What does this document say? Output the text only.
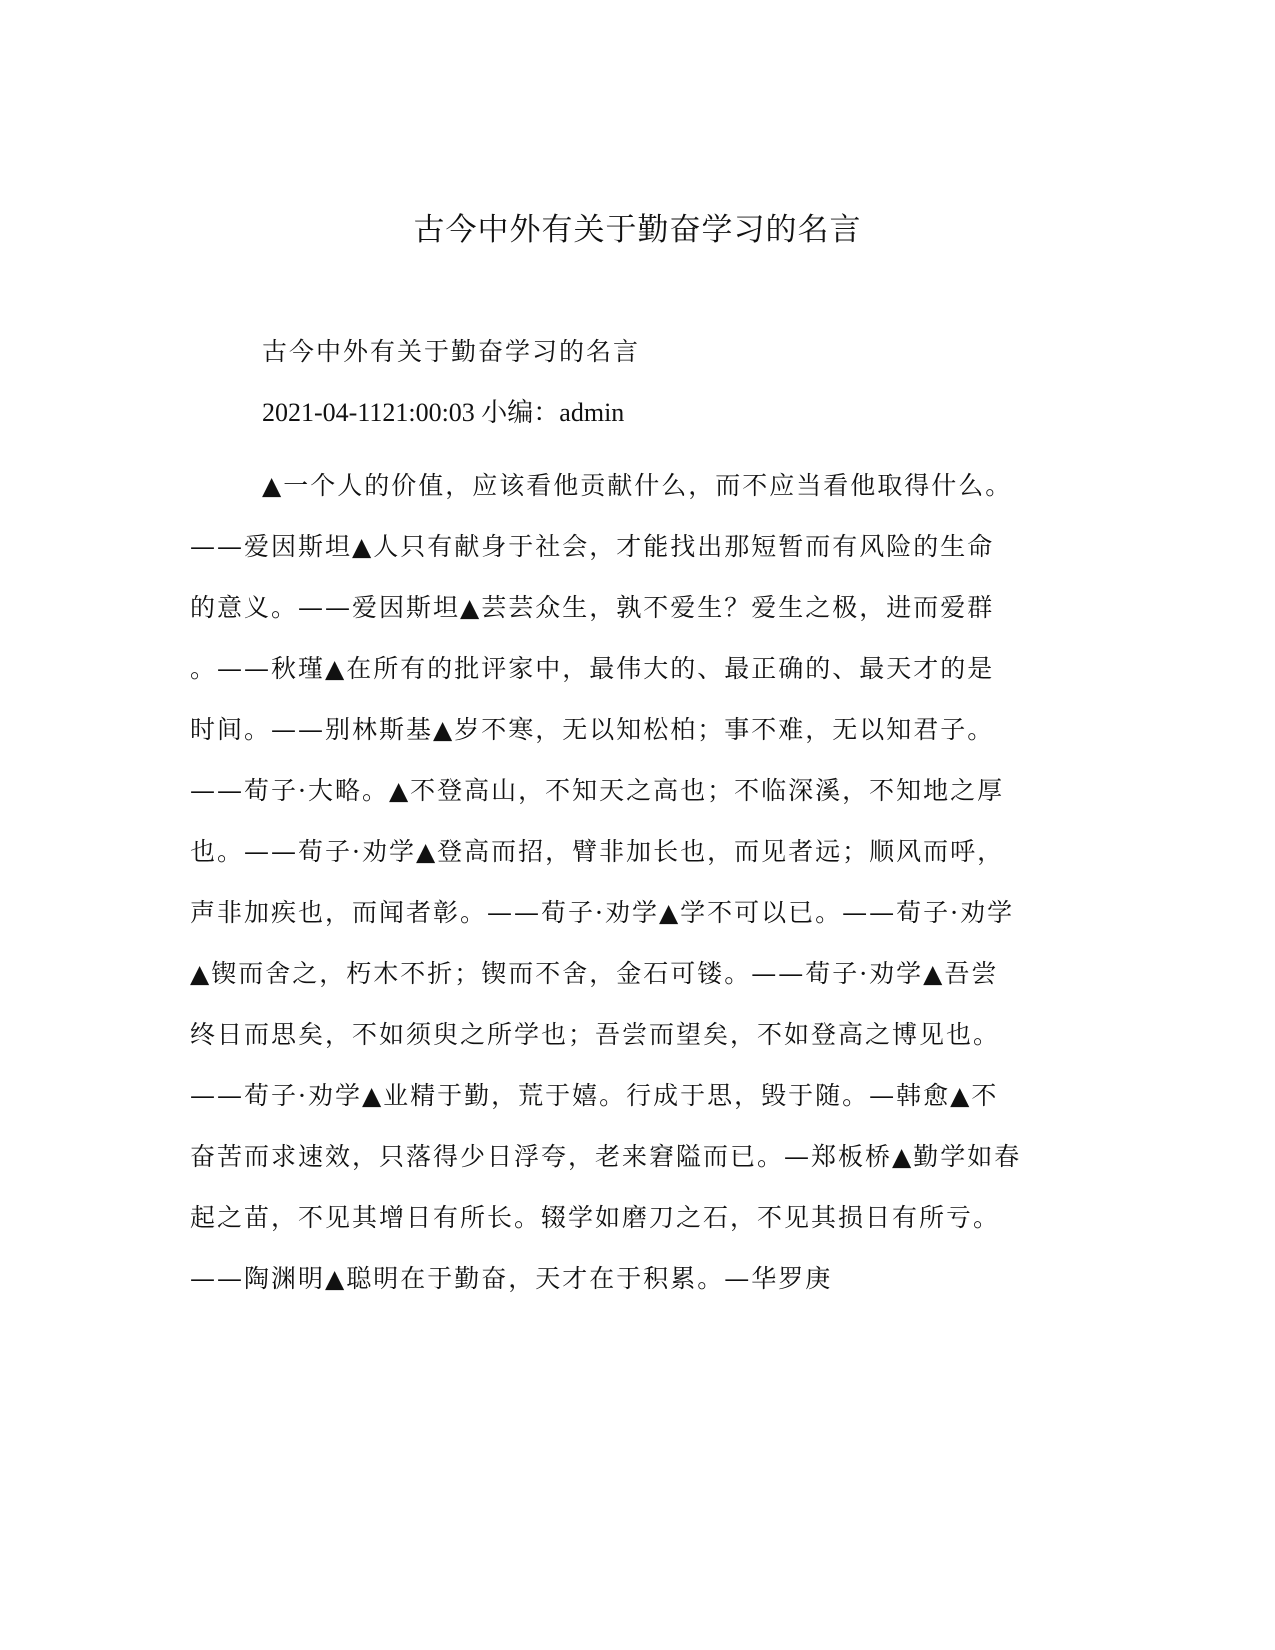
古今中外有关于勤奋学习的名言

古今中外有关于勤奋学习的名言

2021-04-1121:00:03 小编：admin

▲一个人的价值，应该看他贡献什么，而不应当看他取得什么。
——爱因斯坦▲人只有献身于社会，才能找出那短暂而有风险的生命
的意义。——爱因斯坦▲芸芸众生，孰不爱生？爱生之极，进而爱群
。——秋瑾▲在所有的批评家中，最伟大的、最正确的、最天才的是
时间。——别林斯基▲岁不寒，无以知松柏；事不难，无以知君子。
——荀子·大略。▲不登高山，不知天之高也；不临深溪，不知地之厚
也。——荀子·劝学▲登高而招，臂非加长也，而见者远；顺风而呼，
声非加疾也，而闻者彰。——荀子·劝学▲学不可以已。——荀子·劝学
▲锲而舍之，朽木不折；锲而不舍，金石可镂。——荀子·劝学▲吾尝
终日而思矣，不如须臾之所学也；吾尝而望矣，不如登高之博见也。
——荀子·劝学▲业精于勤，荒于嬉。行成于思，毁于随。—韩愈▲不
奋苦而求速效，只落得少日浮夸，老来窘隘而已。—郑板桥▲勤学如春
起之苗，不见其增日有所长。辍学如磨刀之石，不见其损日有所亏。
——陶渊明▲聪明在于勤奋，天才在于积累。—华罗庚
